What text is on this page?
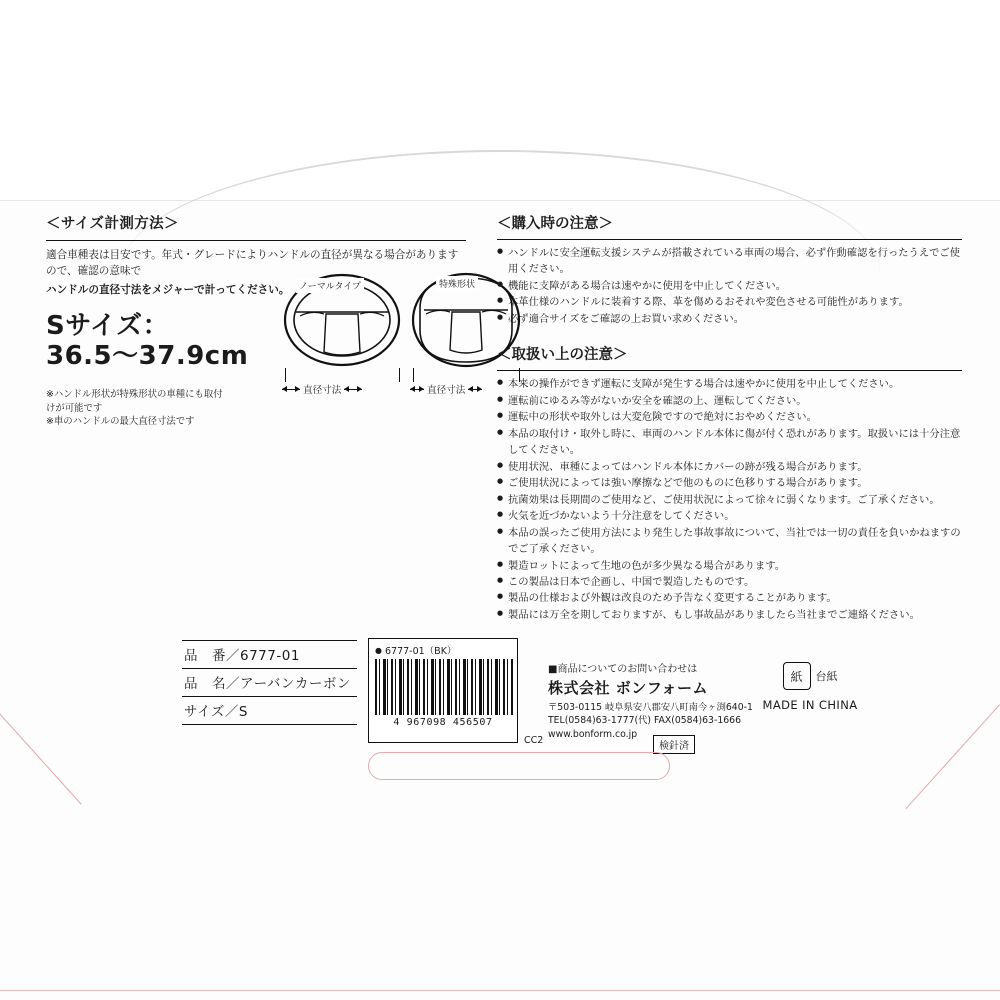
＜サイズ計測方法＞
適合車種表は目安です。年式・グレードによりハンドルの直径が異なる場合がありますので、確認の意味で
ハンドルの直径寸法をメジャーで計ってください。
Sサイズ：
36.5〜37.9cm
※ハンドル形状が特殊形状の車種にも取付
けが可能です
※車のハンドルの最大直径寸法です
ノーマルタイプ
直径寸法
特殊形状
直径寸法
＜購入時の注意＞
● ハンドルに安全運転支援システムが搭載されている車両の場合、必ず作動確認を行ったうえでご使用ください。
● 機能に支障がある場合は速やかに使用を中止してください。
● 本革仕様のハンドルに装着する際、革を傷めるおそれや変色させる可能性があります。
● 必ず適合サイズをご確認の上お買い求めください。
＜取扱い上の注意＞
● 本来の操作ができず運転に支障が発生する場合は速やかに使用を中止してください。
● 運転前にゆるみ等がないか安全を確認の上、運転してください。
● 運転中の形状や取外しは大変危険ですので絶対におやめください。
● 本品の取付け・取外し時に、車両のハンドル本体に傷が付く恐れがあります。取扱いには十分注意してください。
● 使用状況、車種によってはハンドル本体にカバーの跡が残る場合があります。
● ご使用状況によっては強い摩擦などで他のものに色移りする場合があります。
● 抗菌効果は長期間のご使用など、ご使用状況によって徐々に弱くなります。ご了承ください。
● 火気を近づかないよう十分注意をしてください。
● 本品の誤ったご使用方法により発生した事故事故について、当社では一切の責任を負いかねますのでご了承ください。
● 製造ロットによって生地の色が多少異なる場合があります。
● この製品は日本で企画し、中国で製造したものです。
● 製品の仕様および外観は改良のため予告なく変更することがあります。
● 製品には万全を期しておりますが、もし事故品がありましたら当社までご連絡ください。
品　番／ 6777-01
品　名／ アーバンカーボン
サイズ／ S
● 6777-01（BK）
4 967098 456507
CC2
■商品についてのお問い合わせは
株式会社 ボンフォーム
〒503-0115 岐阜県安八郡安八町南今ヶ渕640-1
TEL(0584)63-1777(代) FAX(0584)63-1666
www.bonform.co.jp
検針済
紙	台紙
MADE IN CHINA
